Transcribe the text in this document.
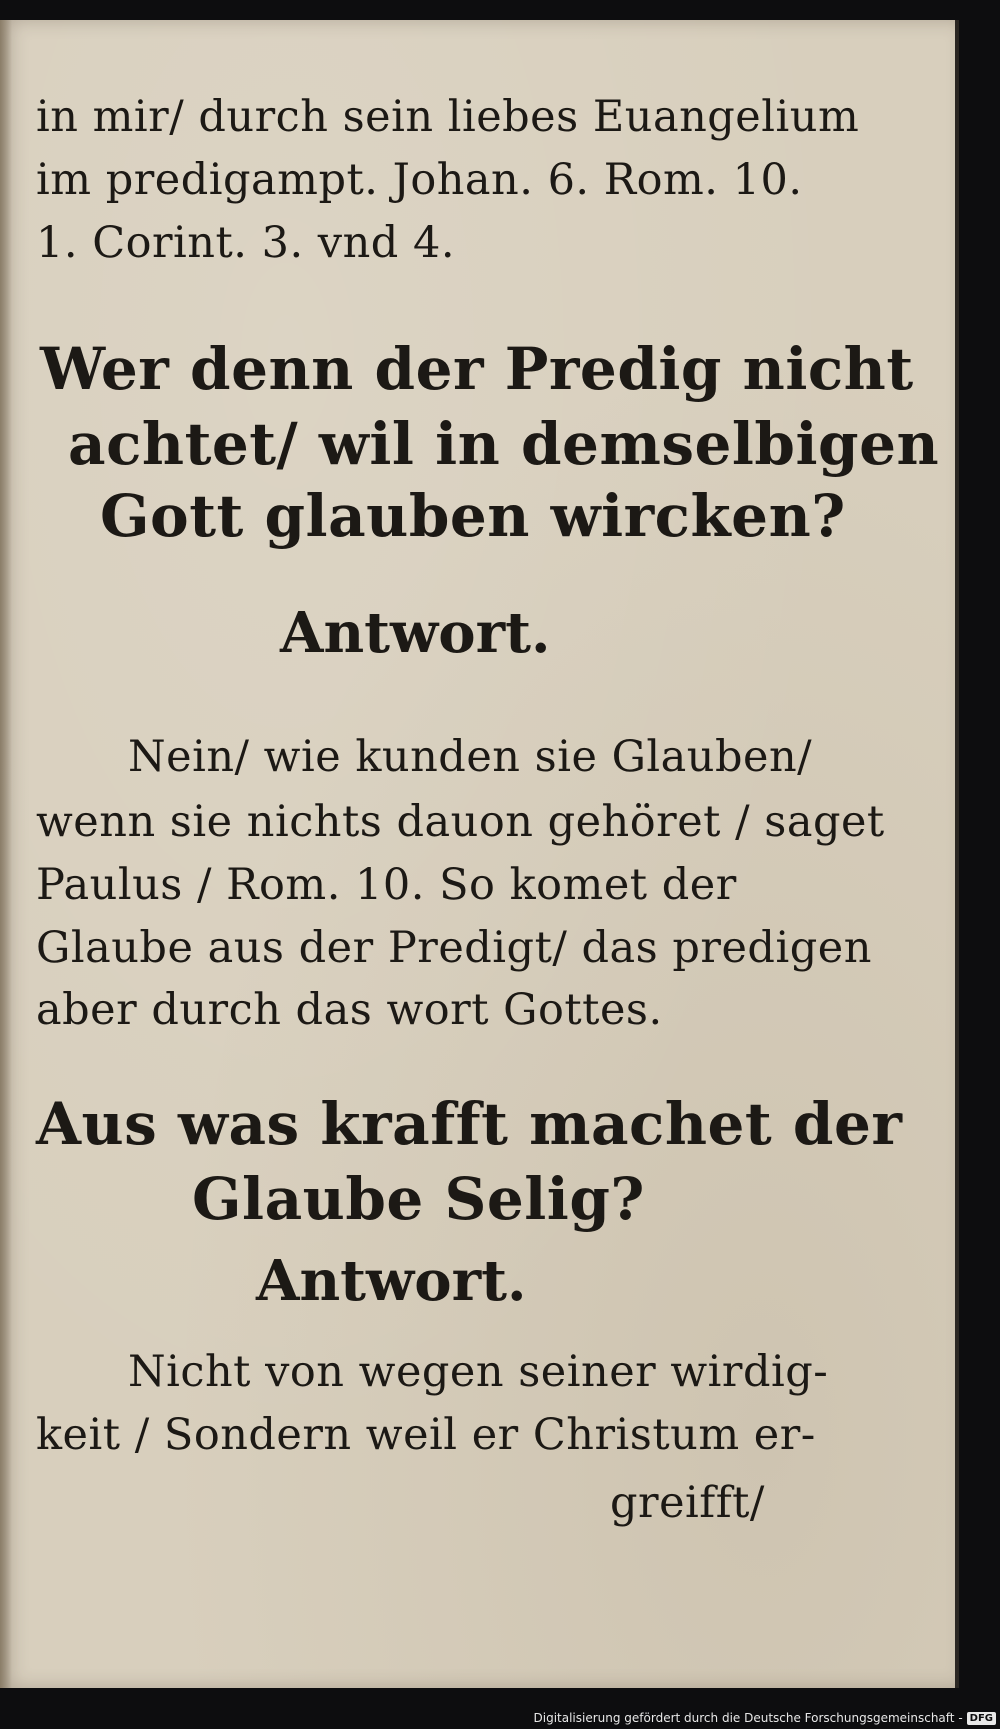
in mir/ durch sein liebes Euangelium
im predigampt. Johan. 6. Rom. 10.
1. Corint. 3. vnd 4.
Wer denn der Predig nicht
achtet/ wil in demselbigen
Gott glauben wircken?
Antwort.
Nein/ wie kunden sie Glauben/
wenn sie nichts dauon gehöret / saget
Paulus / Rom. 10. So komet der
Glaube aus der Predigt/ das predigen
aber durch das wort Gottes.
Aus was krafft machet der
Glaube Selig?
Antwort.
Nicht von wegen seiner wirdig-
keit / Sondern weil er Christum er-
greifft/
Digitalisierung gefördert durch die Deutsche Forschungsgemeinschaft - DFG
